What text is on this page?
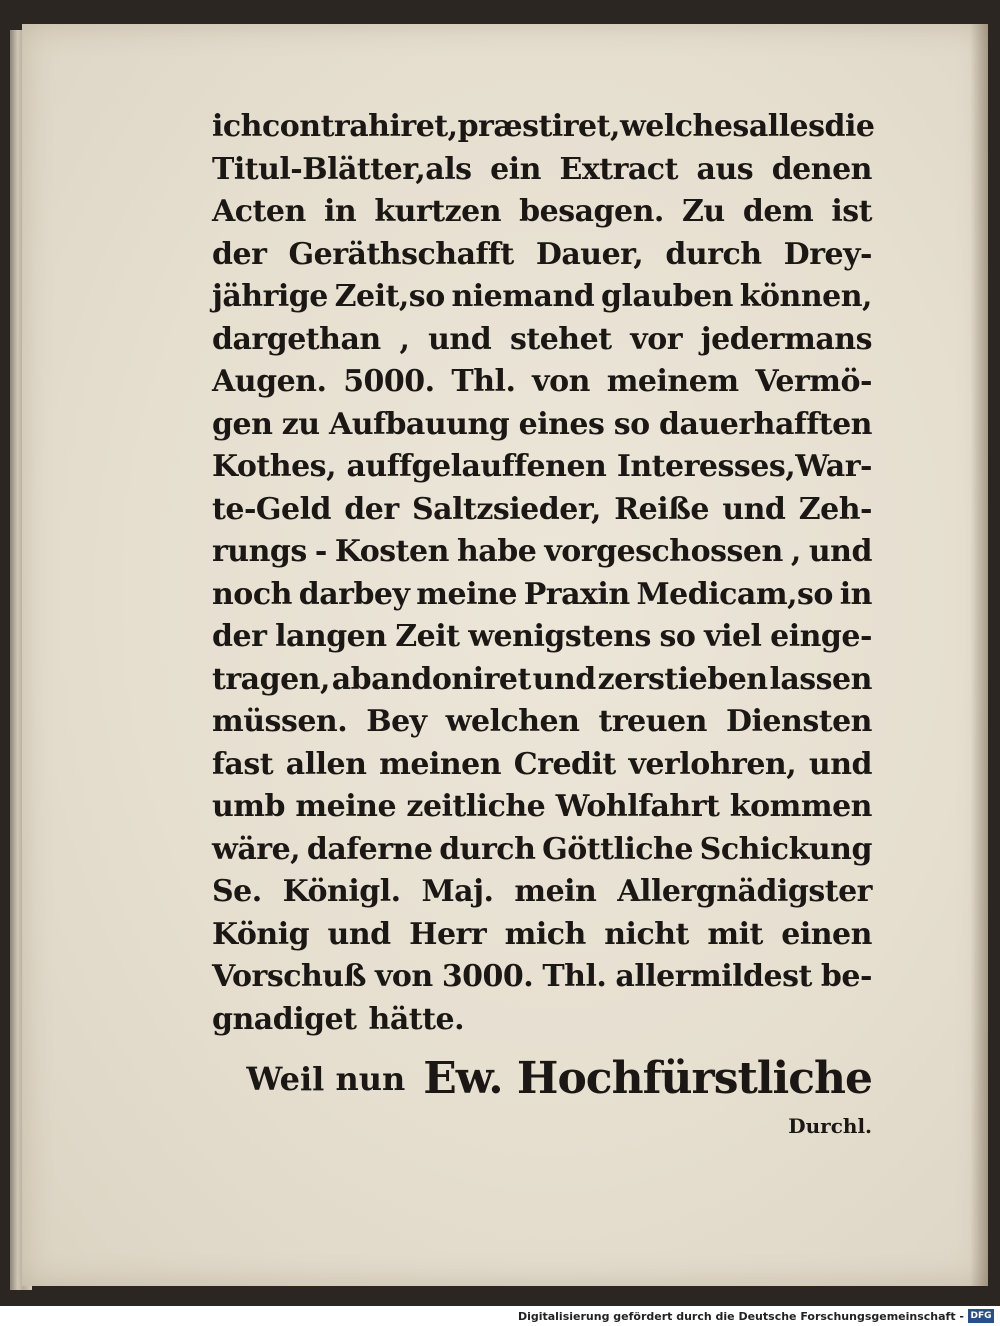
ich contrahiret,præstiret,welches alles die
Titul-Blätter,als ein Extract aus denen
Acten in kurtzen besagen. Zu dem ist
der Geräthschafft Dauer, durch Drey-
jährige Zeit,so niemand glauben können,
dargethan , und stehet vor jedermans
Augen. 5000. Thl. von meinem Vermö-
gen zu Aufbauung eines so dauerhafften
Kothes, auffgelauffenen Interesses,War-
te-Geld der Saltzsieder, Reiße und Zeh-
rungs - Kosten habe vorgeschossen , und
noch darbey meine Praxin Medicam,so in
der langen Zeit wenigstens so viel einge-
tragen, abandoniret und zerstieben lassen
müssen. Bey welchen treuen Diensten
fast allen meinen Credit verlohren, und
umb meine zeitliche Wohlfahrt kommen
wäre, daferne durch Göttliche Schickung
Se. Königl. Maj. mein Allergnädigster
König und Herr mich nicht mit einen
Vorschuß von 3000. Thl. allermildest be-
gnadiget hätte.
Weil nun Ew. Hochfürstliche
Durchl.
Digitalisierung gefördert durch die Deutsche Forschungsgemeinschaft - DFG
